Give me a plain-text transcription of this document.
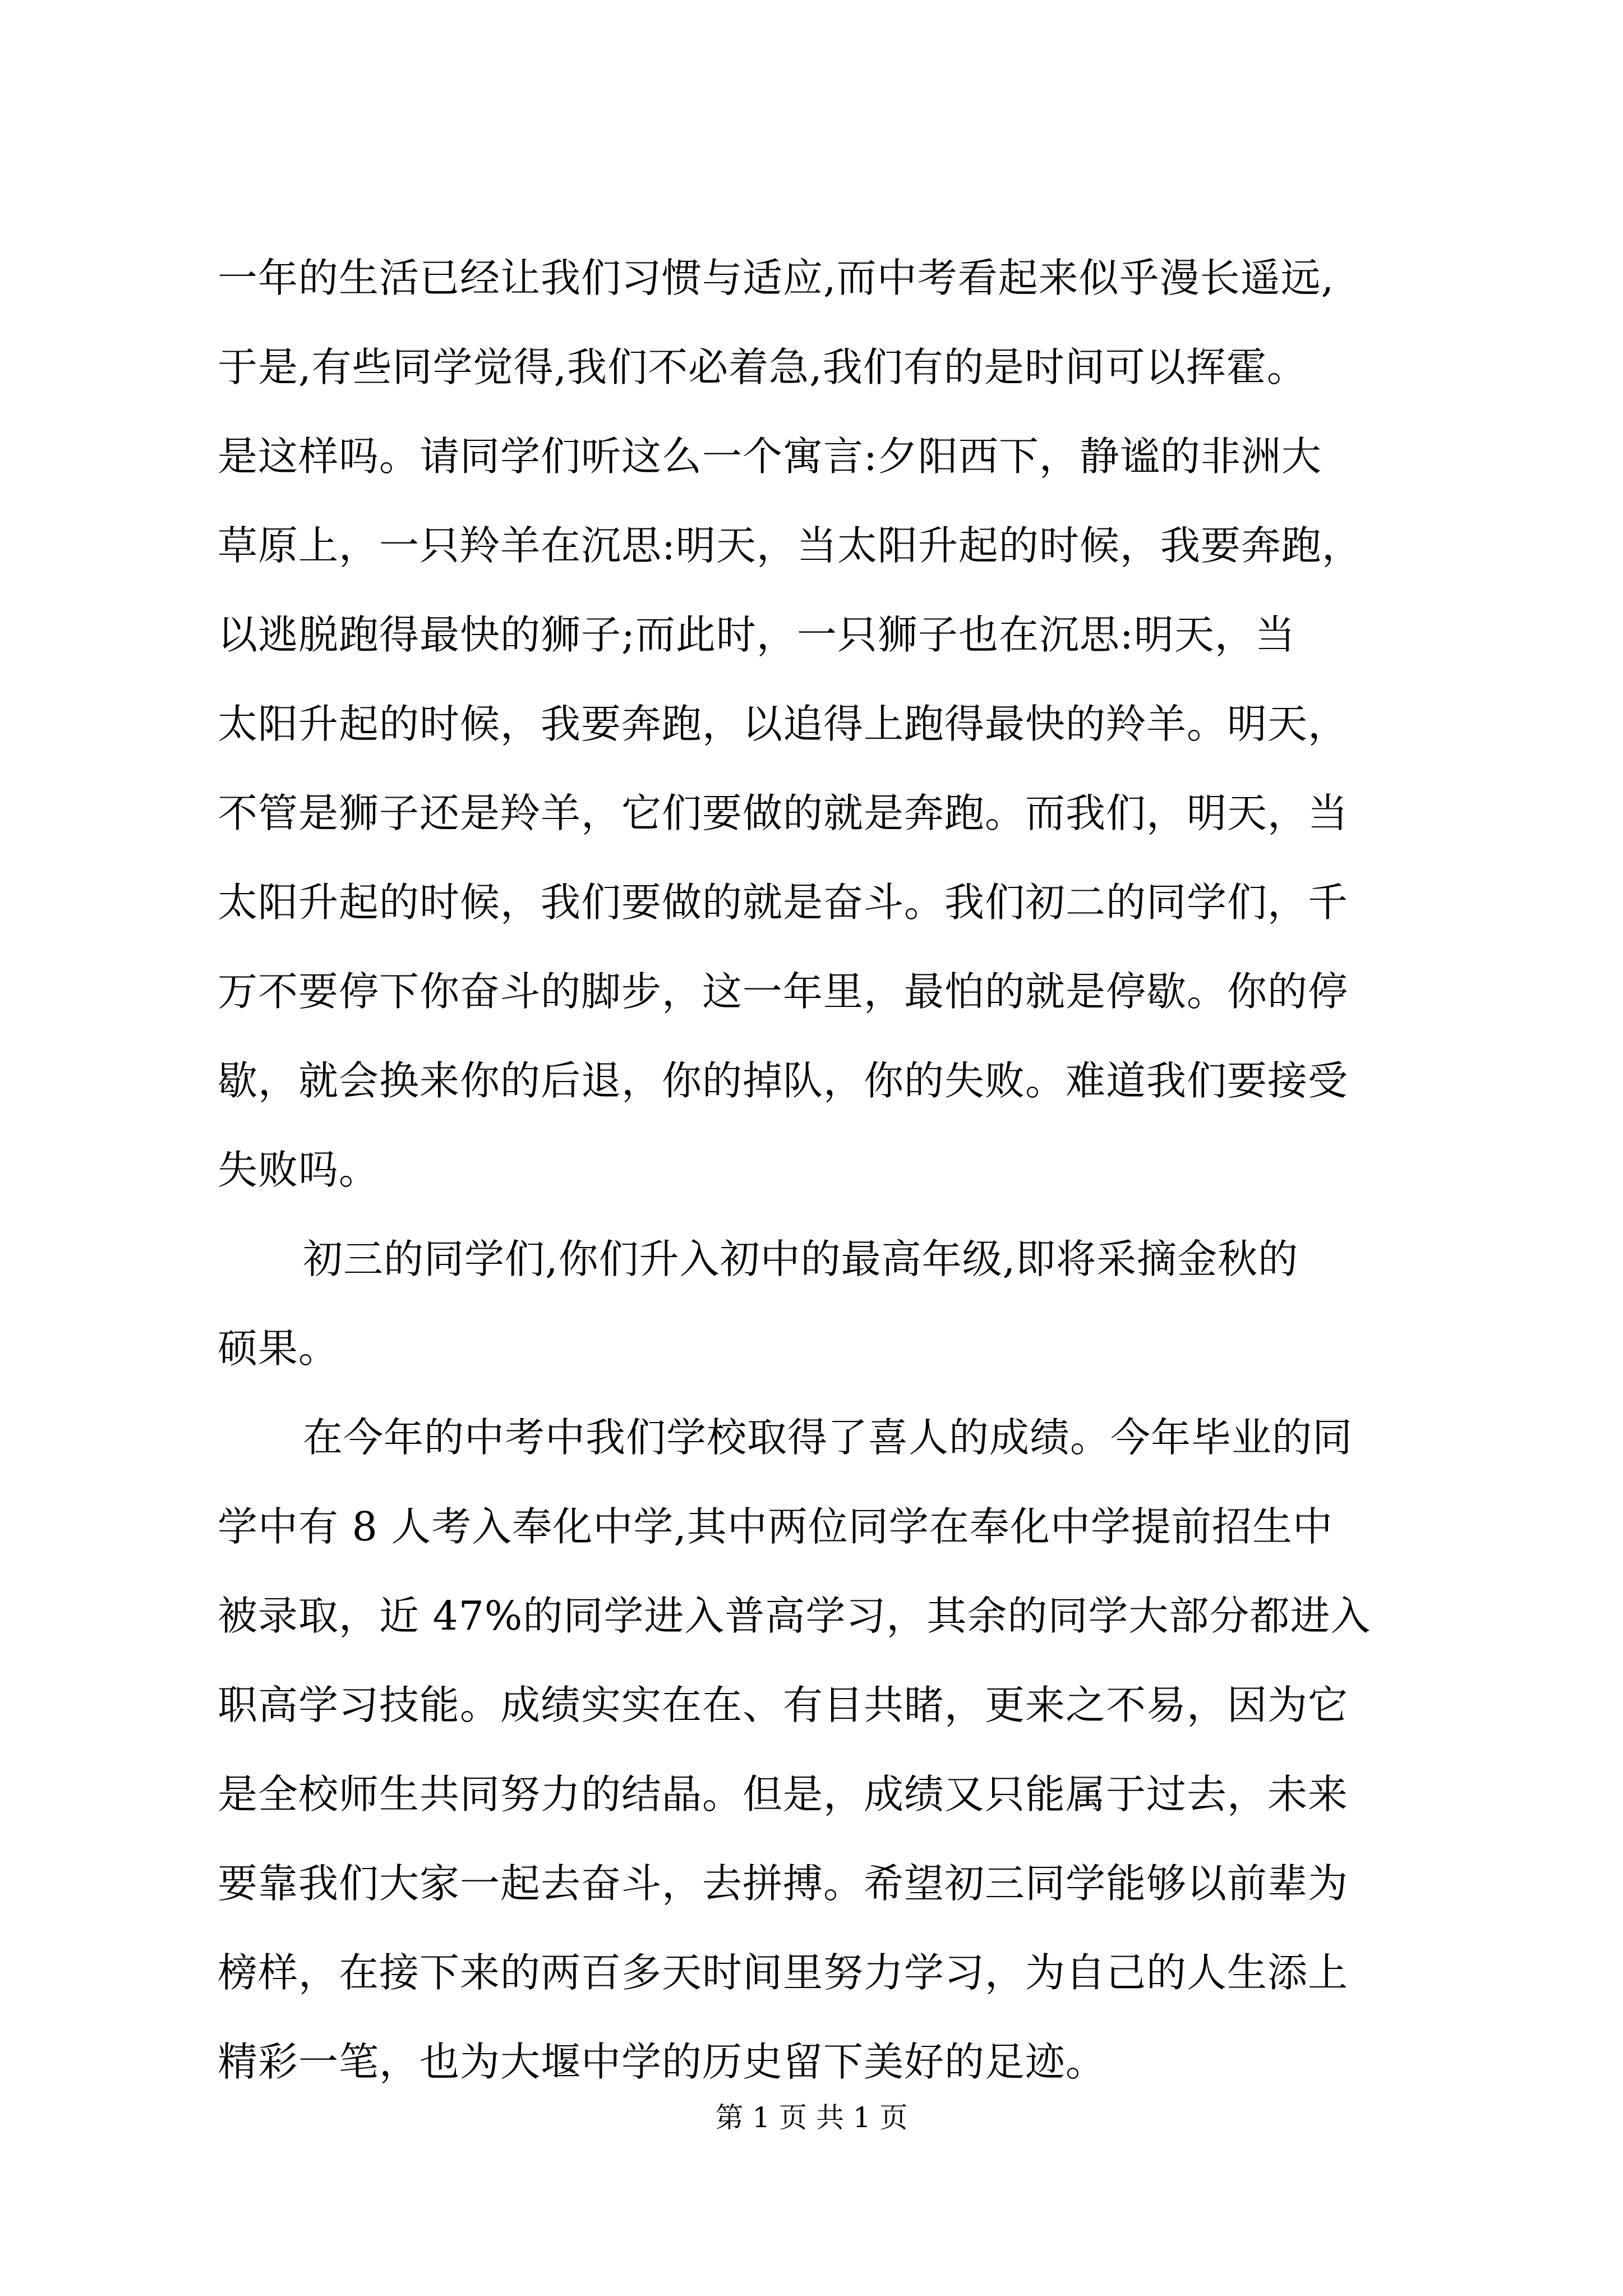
一年的生活已经让我们习惯与适应,而中考看起来似乎漫长遥远,
于是,有些同学觉得,我们不必着急,我们有的是时间可以挥霍。
是这样吗。请同学们听这么一个寓言:夕阳西下，静谧的非洲大
草原上，一只羚羊在沉思:明天，当太阳升起的时候，我要奔跑，
以逃脱跑得最快的狮子;而此时，一只狮子也在沉思:明天，当
太阳升起的时候，我要奔跑，以追得上跑得最快的羚羊。明天，
不管是狮子还是羚羊，它们要做的就是奔跑。而我们，明天，当
太阳升起的时候，我们要做的就是奋斗。我们初二的同学们，千
万不要停下你奋斗的脚步，这一年里，最怕的就是停歇。你的停
歇，就会换来你的后退，你的掉队，你的失败。难道我们要接受
失败吗。
初三的同学们,你们升入初中的最高年级,即将采摘金秋的
硕果。
在今年的中考中我们学校取得了喜人的成绩。今年毕业的同
学中有 8 人考入奉化中学,其中两位同学在奉化中学提前招生中
被录取，近 47%的同学进入普高学习，其余的同学大部分都进入
职高学习技能。成绩实实在在、有目共睹，更来之不易，因为它
是全校师生共同努力的结晶。但是，成绩又只能属于过去，未来
要靠我们大家一起去奋斗，去拼搏。希望初三同学能够以前辈为
榜样，在接下来的两百多天时间里努力学习，为自己的人生添上
精彩一笔，也为大堰中学的历史留下美好的足迹。
第 1 页 共 1 页
